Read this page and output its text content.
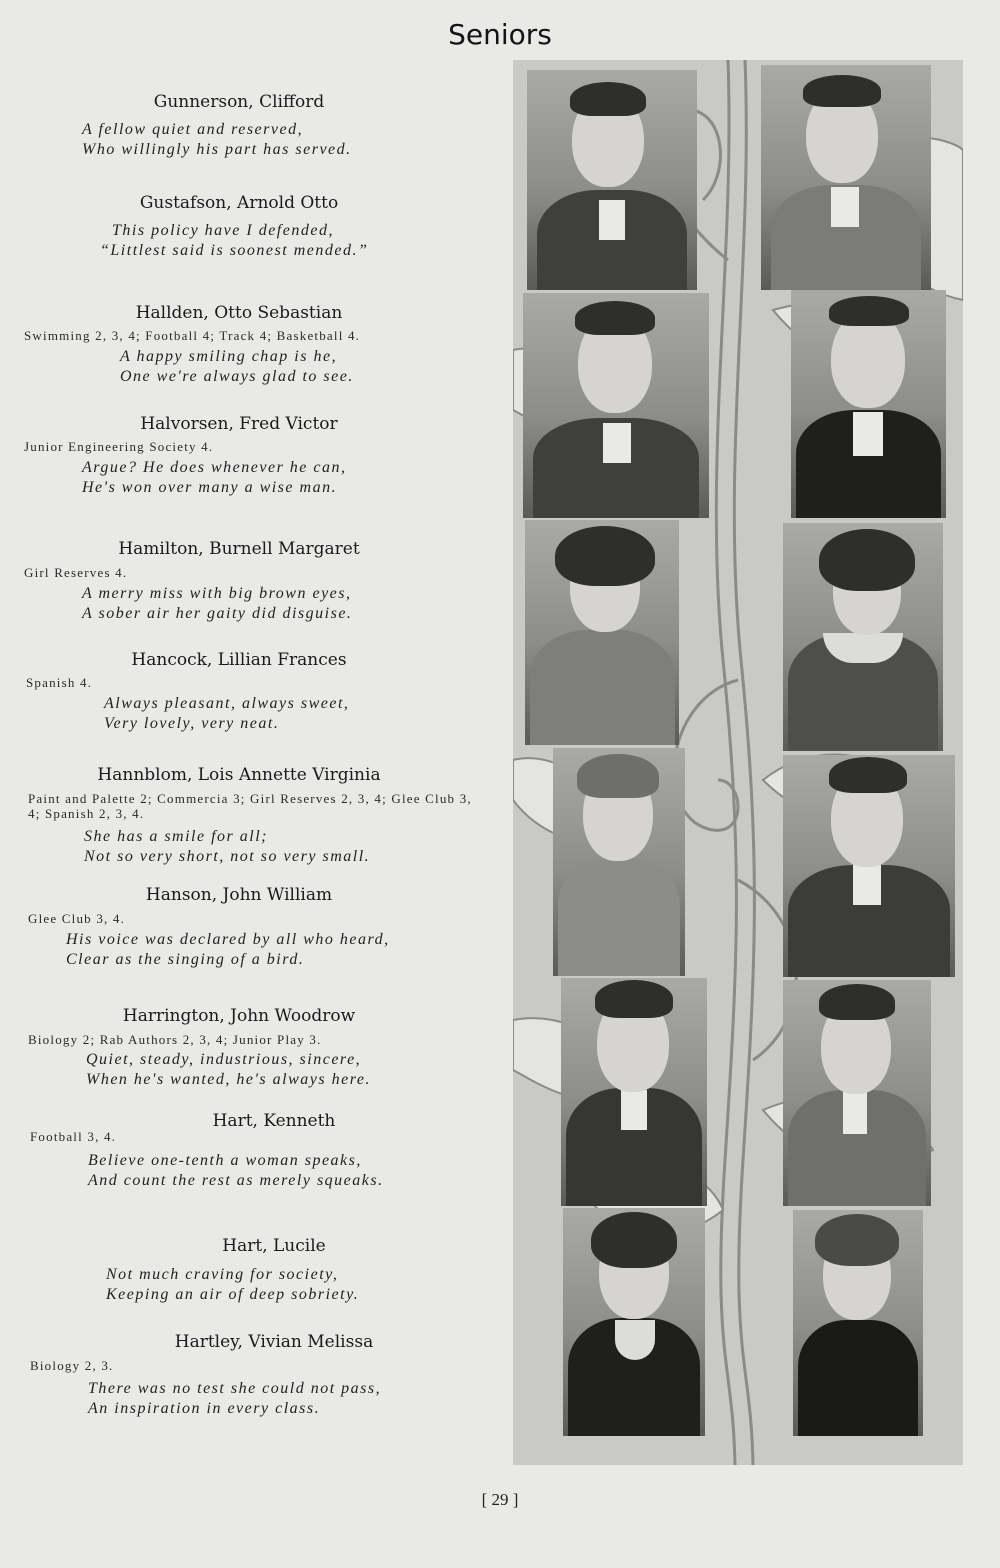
Seniors
Gunnerson, Clifford
A fellow quiet and reserved,
Who willingly his part has served.
Gustafson, Arnold Otto
This policy have I defended,
“Littlest said is soonest mended.”
Hallden, Otto Sebastian
Swimming 2, 3, 4; Football 4; Track 4; Basketball 4.
A happy smiling chap is he,
One we're always glad to see.
Halvorsen, Fred Victor
Junior Engineering Society 4.
Argue? He does whenever he can,
He's won over many a wise man.
Hamilton, Burnell Margaret
Girl Reserves 4.
A merry miss with big brown eyes,
A sober air her gaity did disguise.
Hancock, Lillian Frances
Spanish 4.
Always pleasant, always sweet,
Very lovely, very neat.
Hannblom, Lois Annette Virginia
Paint and Palette 2; Commercia 3; Girl Reserves 2, 3, 4; Glee Club 3, 4; Spanish 2, 3, 4.
She has a smile for all;
Not so very short, not so very small.
Hanson, John William
Glee Club 3, 4.
His voice was declared by all who heard,
Clear as the singing of a bird.
Harrington, John Woodrow
Biology 2; Rab Authors 2, 3, 4; Junior Play 3.
Quiet, steady, industrious, sincere,
When he's wanted, he's always here.
Hart, Kenneth
Football 3, 4.
Believe one-tenth a woman speaks,
And count the rest as merely squeaks.
Hart, Lucile
Not much craving for society,
Keeping an air of deep sobriety.
Hartley, Vivian Melissa
Biology 2, 3.
There was no test she could not pass,
An inspiration in every class.
[ 29 ]
